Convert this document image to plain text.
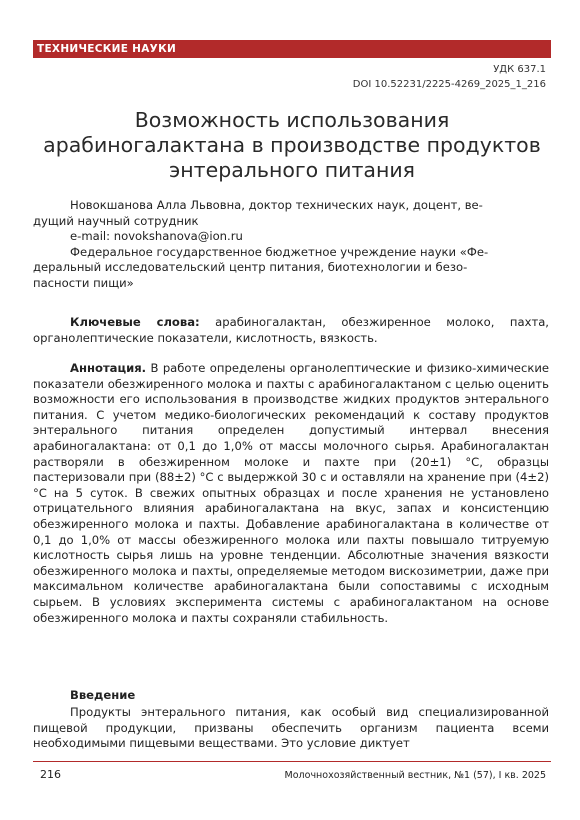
ТЕХНИЧЕСКИЕ НАУКИ
УДК 637.1
DOI 10.52231/2225-4269_2025_1_216
Возможность использования
арабиногалактана в производстве продуктов
энтерального питания

Новокшанова Алла Львовна, доктор технических наук, доцент, ве-

дущий научный сотрудник

e-mail: novokshanova@ion.ru

Федеральное государственное бюджетное учреждение науки «Фе-

деральный исследовательский центр питания, биотехнологии и безо-

пасности пищи»

Ключевые слова: арабиногалактан, обезжиренное молоко, пахта, органолептические показатели, кислотность, вязкость.
Аннотация. В работе определены органолептические и физико-химические показатели обезжиренного молока и пахты с арабиногалактаном с целью оценить возможности его использования в производстве жидких продуктов энтерального питания. С учетом медико-биологических рекомендаций к составу продуктов энтерального питания определен допустимый интервал внесения арабиногалактана: от 0,1 до 1,0% от массы молочного сырья. Арабиногалактан растворяли в обезжиренном молоке и пахте при (20±1) °С, образцы пастеризовали при (88±2) °С с выдержкой 30 с и оставляли на хранение при (4±2) °С на 5 суток. В свежих опытных образцах и после хранения не установлено отрицательного влияния арабиногалактана на вкус, запах и консистенцию обезжиренного молока и пахты. Добавление арабиногалактана в количестве от 0,1 до 1,0% от массы обезжиренного молока или пахты повышало титруемую кислотность сырья лишь на уровне тенденции. Абсолютные значения вязкости обезжиренного молока и пахты, определяемые методом вискозиметрии, даже при максимальном количестве арабиногалактана были сопоставимы с исходным сырьем. В условиях эксперимента системы с арабиногалактаном на основе обезжиренного молока и пахты сохраняли стабильность.
Введение
Продукты энтерального питания, как особый вид специализированной пищевой продукции, призваны обеспечить организм пациента всеми необходимыми пищевыми веществами. Это условие диктует
216	Молочнохозяйственный вестник, №1 (57), I кв. 2025
